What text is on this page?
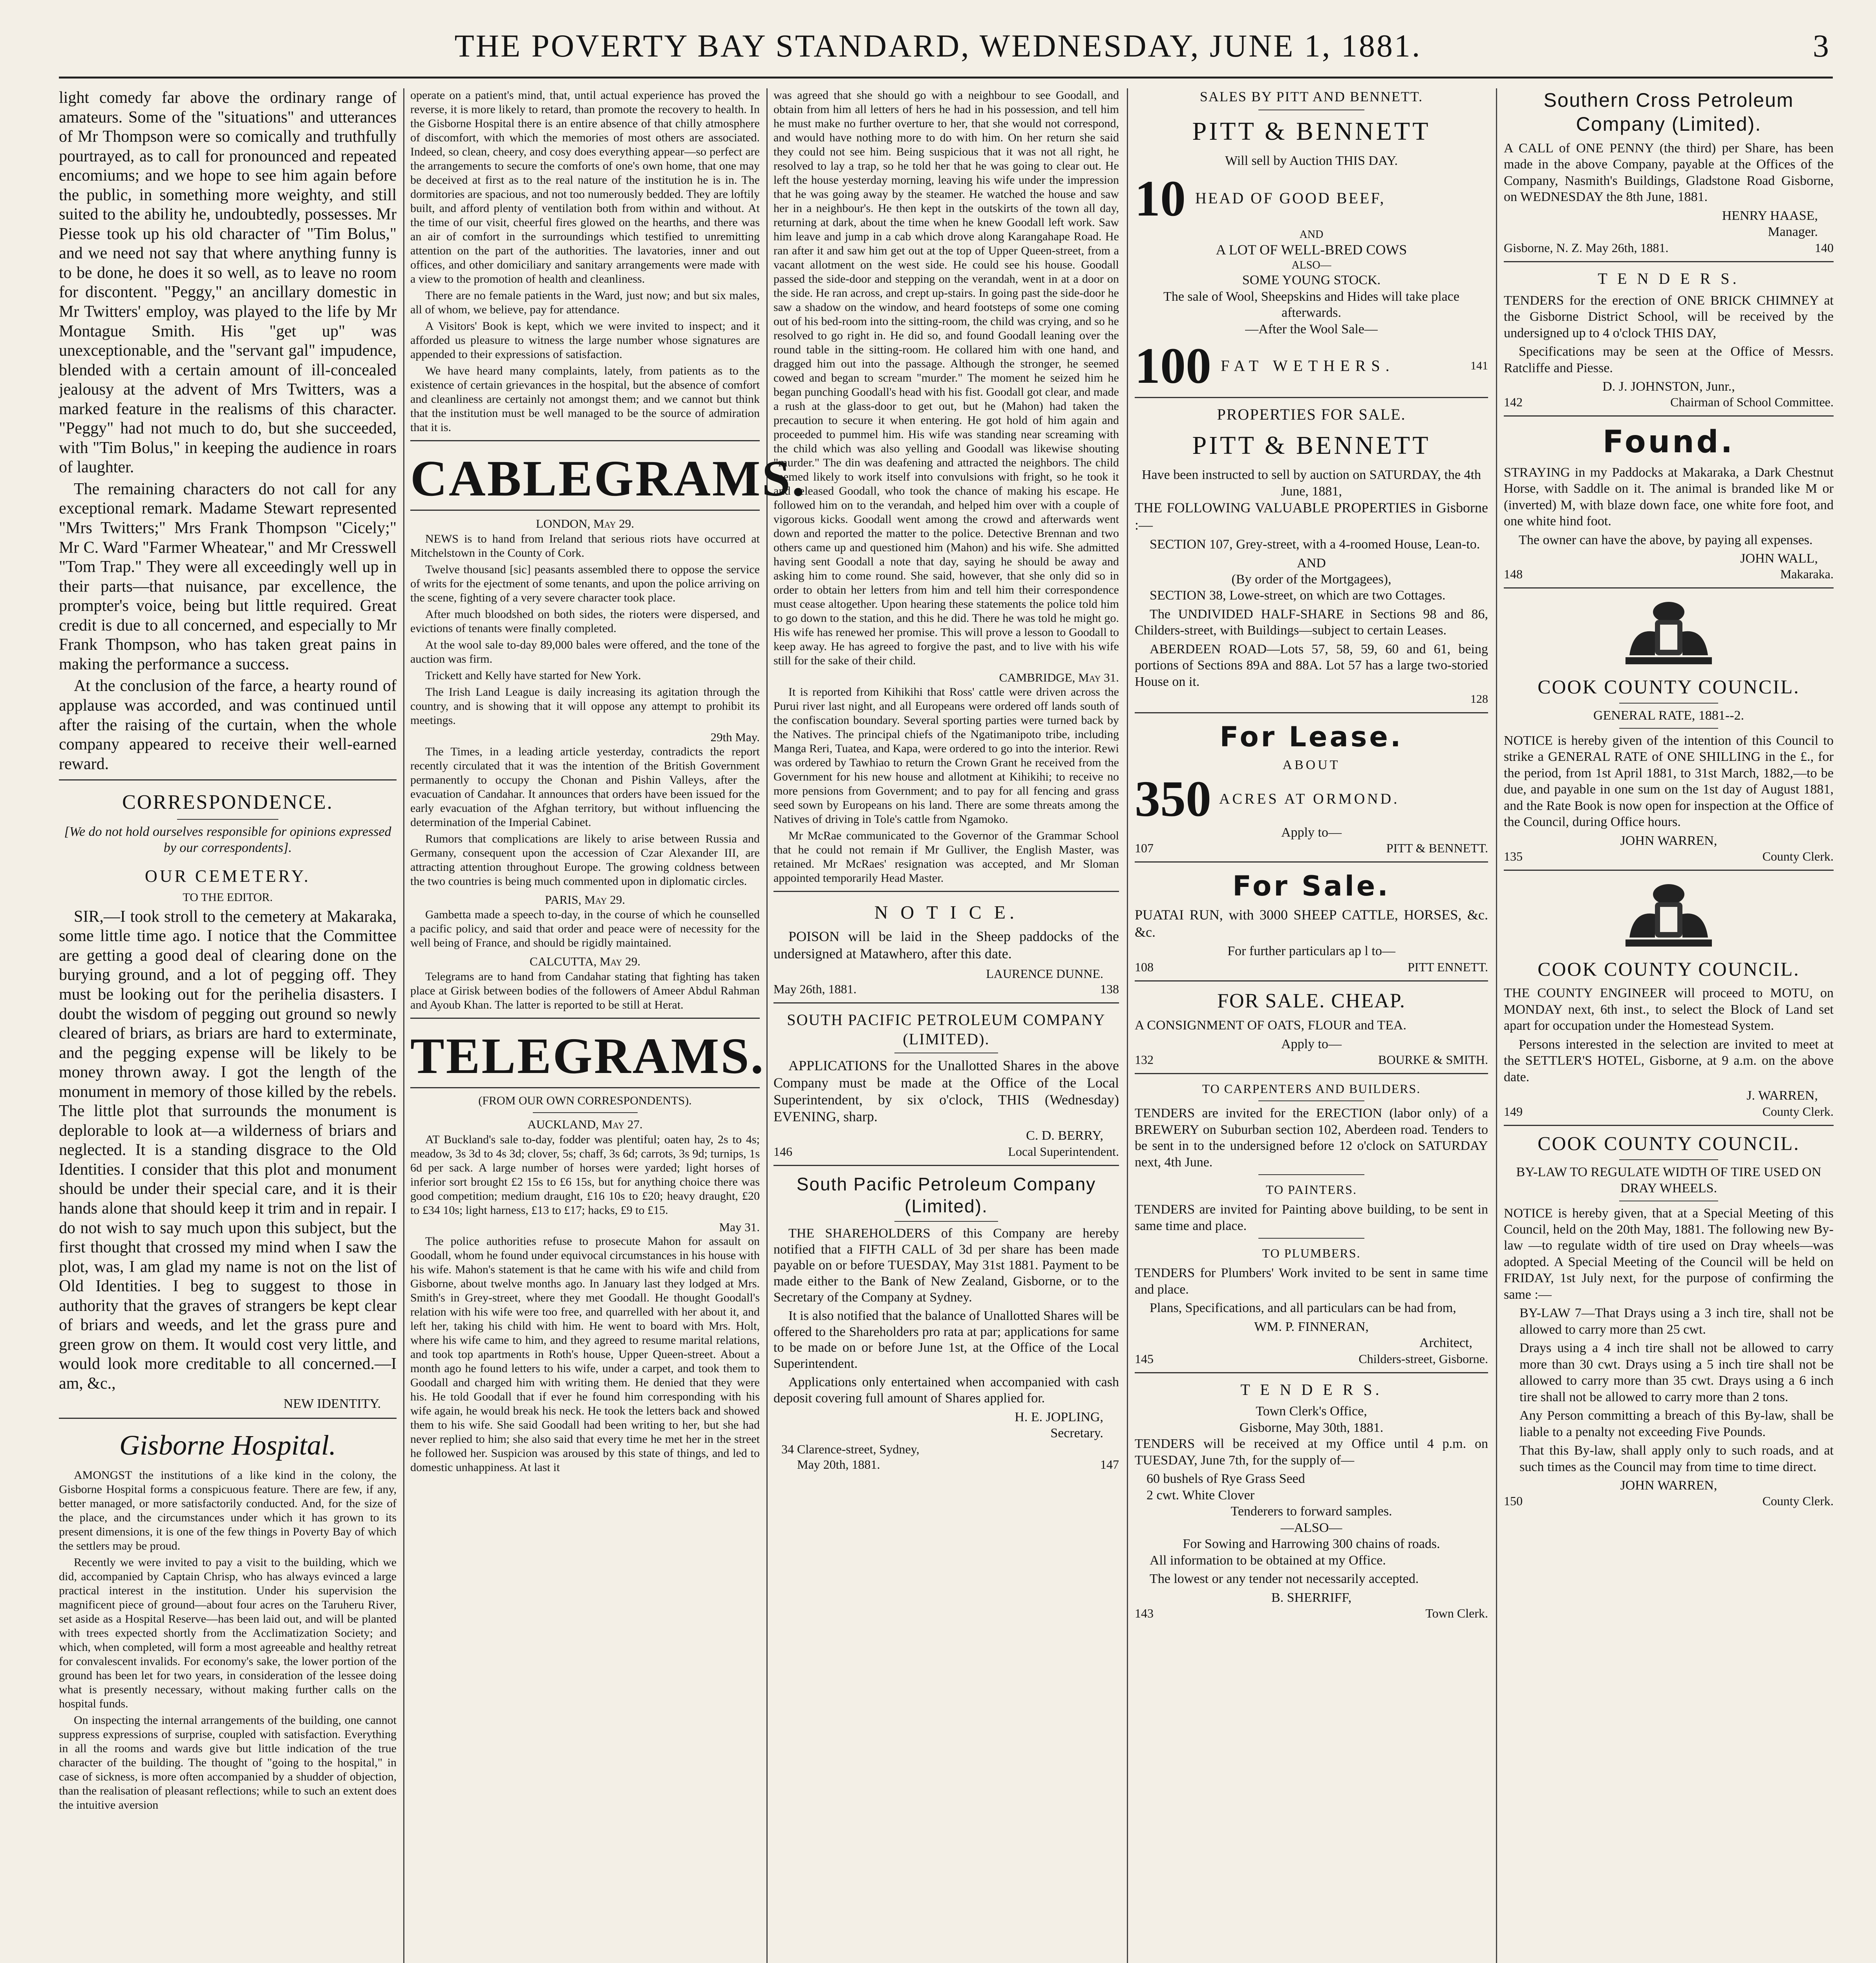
THE POVERTY BAY STANDARD, WEDNESDAY, JUNE 1, 1881.	3

light comedy far above the ordinary range of amateurs. Some of the "situations" and utterances of Mr Thompson were so comically and truthfully pourtrayed, as to call for pronounced and repeated encomiums; and we hope to see him again before the public, in something more weighty, and still suited to the ability he, undoubtedly, possesses. Mr Piesse took up his old character of "Tim Bolus," and we need not say that where anything funny is to be done, he does it so well, as to leave no room for discontent. "Peggy," an ancillary domestic in Mr Twitters' employ, was played to the life by Mr Montague Smith. His "get up" was unexceptionable, and the "servant gal" impudence, blended with a certain amount of ill-concealed jealousy at the advent of Mrs Twitters, was a marked feature in the realisms of this character. "Peggy" had not much to do, but she succeeded, with "Tim Bolus," in keeping the audience in roars of laughter.

The remaining characters do not call for any exceptional remark. Madame Stewart represented "Mrs Twitters;" Mrs Frank Thompson "Cicely;" Mr C. Ward "Farmer Wheatear," and Mr Cresswell "Tom Trap." They were all exceedingly well up in their parts—that nuisance, par excellence, the prompter's voice, being but little required. Great credit is due to all concerned, and especially to Mr Frank Thompson, who has taken great pains in making the performance a success.

At the conclusion of the farce, a hearty round of applause was accorded, and was continued until after the raising of the curtain, when the whole company appeared to receive their well-earned reward.

CORRESPONDENCE.
[We do not hold ourselves responsible for opinions expressed by our correspondents].
OUR CEMETERY.
TO THE EDITOR.

SIR,—I took stroll to the cemetery at Makaraka, some little time ago. I notice that the Committee are getting a good deal of clearing done on the burying ground, and a lot of pegging off. They must be looking out for the perihelia disasters. I doubt the wisdom of pegging out ground so newly cleared of briars, as briars are hard to exterminate, and the pegging expense will be likely to be money thrown away. I got the length of the monument in memory of those killed by the rebels. The little plot that surrounds the monument is deplorable to look at—a wilderness of briars and neglected. It is a standing disgrace to the Old Identities. I consider that this plot and monument should be under their special care, and it is their hands alone that should keep it trim and in repair. I do not wish to say much upon this subject, but the first thought that crossed my mind when I saw the plot, was, I am glad my name is not on the list of Old Identities. I beg to suggest to those in authority that the graves of strangers be kept clear of briars and weeds, and let the grass pure and green grow on them. It would cost very little, and would look more creditable to all concerned.—I am, &c.,

NEW IDENTITY.
Gisborne Hospital.

AMONGST the institutions of a like kind in the colony, the Gisborne Hospital forms a conspicuous feature. There are few, if any, better managed, or more satisfactorily conducted. And, for the size of the place, and the circumstances under which it has grown to its present dimensions, it is one of the few things in Poverty Bay of which the settlers may be proud.

Recently we were invited to pay a visit to the building, which we did, accompanied by Captain Chrisp, who has always evinced a large practical interest in the institution. Under his supervision the magnificent piece of ground—about four acres on the Taruheru River, set aside as a Hospital Reserve—has been laid out, and will be planted with trees expected shortly from the Acclimatization Society; and which, when completed, will form a most agreeable and healthy retreat for convalescent invalids. For economy's sake, the lower portion of the ground has been let for two years, in consideration of the lessee doing what is presently necessary, without making further calls on the hospital funds.

On inspecting the internal arrangements of the building, one cannot suppress expressions of surprise, coupled with satisfaction. Everything in all the rooms and wards give but little indication of the true character of the building. The thought of "going to the hospital," in case of sickness, is more often accompanied by a shudder of objection, than the realisation of pleasant reflections; while to such an extent does the intuitive aversion

operate on a patient's mind, that, until actual experience has proved the reverse, it is more likely to retard, than promote the recovery to health. In the Gisborne Hospital there is an entire absence of that chilly atmosphere of discomfort, with which the memories of most others are associated. Indeed, so clean, cheery, and cosy does everything appear—so perfect are the arrangements to secure the comforts of one's own home, that one may be deceived at first as to the real nature of the institution he is in. The dormitories are spacious, and not too numerously bedded. They are loftily built, and afford plenty of ventilation both from within and without. At the time of our visit, cheerful fires glowed on the hearths, and there was an air of comfort in the surroundings which testified to unremitting attention on the part of the authorities. The lavatories, inner and out offices, and other domiciliary and sanitary arrangements were made with a view to the promotion of health and cleanliness.

There are no female patients in the Ward, just now; and but six males, all of whom, we believe, pay for attendance.

A Visitors' Book is kept, which we were invited to inspect; and it afforded us pleasure to witness the large number whose signatures are appended to their expressions of satisfaction.

We have heard many complaints, lately, from patients as to the existence of certain grievances in the hospital, but the absence of comfort and cleanliness are certainly not amongst them; and we cannot but think that the institution must be well managed to be the source of admiration that it is.

CABLEGRAMS.
LONDON, May 29.

NEWS is to hand from Ireland that serious riots have occurred at Mitchelstown in the County of Cork.

Twelve thousand [sic] peasants assembled there to oppose the service of writs for the ejectment of some tenants, and upon the police arriving on the scene, fighting of a very severe character took place.

After much bloodshed on both sides, the rioters were dispersed, and evictions of tenants were finally completed.

At the wool sale to-day 89,000 bales were offered, and the tone of the auction was firm.

Trickett and Kelly have started for New York.

The Irish Land League is daily increasing its agitation through the country, and is showing that it will oppose any attempt to prohibit its meetings.

29th May.

The Times, in a leading article yesterday, contradicts the report recently circulated that it was the intention of the British Government permanently to occupy the Chonan and Pishin Valleys, after the evacuation of Candahar. It announces that orders have been issued for the early evacuation of the Afghan territory, but without influencing the determination of the Imperial Cabinet.

Rumors that complications are likely to arise between Russia and Germany, consequent upon the accession of Czar Alexander III, are attracting attention throughout Europe. The growing coldness between the two countries is being much commented upon in diplomatic circles.

PARIS, May 29.

Gambetta made a speech to-day, in the course of which he counselled a pacific policy, and said that order and peace were of necessity for the well being of France, and should be rigidly maintained.

CALCUTTA, May 29.

Telegrams are to hand from Candahar stating that fighting has taken place at Girisk between bodies of the followers of Ameer Abdul Rahman and Ayoub Khan. The latter is reported to be still at Herat.

TELEGRAMS.
(FROM OUR OWN CORRESPONDENTS).
AUCKLAND, May 27.

AT Buckland's sale to-day, fodder was plentiful; oaten hay, 2s to 4s; meadow, 3s 3d to 4s 3d; clover, 5s; chaff, 3s 6d; carrots, 3s 9d; turnips, 1s 6d per sack. A large number of horses were yarded; light horses of inferior sort brought £2 15s to £6 15s, but for anything choice there was good competition; medium draught, £16 10s to £20; heavy draught, £20 to £34 10s; light harness, £13 to £17; hacks, £9 to £15.

May 31.

The police authorities refuse to prosecute Mahon for assault on Goodall, whom he found under equivocal circumstances in his house with his wife. Mahon's statement is that he came with his wife and child from Gisborne, about twelve months ago. In January last they lodged at Mrs. Smith's in Grey-street, where they met Goodall. He thought Goodall's relation with his wife were too free, and quarrelled with her about it, and left her, taking his child with him. He went to board with Mrs. Holt, where his wife came to him, and they agreed to resume marital relations, and took top apartments in Roth's house, Upper Queen-street. About a month ago he found letters to his wife, under a carpet, and took them to Goodall and charged him with writing them. He denied that they were his. He told Goodall that if ever he found him corresponding with his wife again, he would break his neck. He took the letters back and showed them to his wife. She said Goodall had been writing to her, but she had never replied to him; she also said that every time he met her in the street he followed her. Suspicion was aroused by this state of things, and led to domestic unhappiness. At last it

was agreed that she should go with a neighbour to see Goodall, and obtain from him all letters of hers he had in his possession, and tell him he must make no further overture to her, that she would not correspond, and would have nothing more to do with him. On her return she said they could not see him. Being suspicious that it was not all right, he resolved to lay a trap, so he told her that he was going to clear out. He left the house yesterday morning, leaving his wife under the impression that he was going away by the steamer. He watched the house and saw her in a neighbour's. He then kept in the outskirts of the town all day, returning at dark, about the time when he knew Goodall left work. Saw him leave and jump in a cab which drove along Karangahape Road. He ran after it and saw him get out at the top of Upper Queen-street, from a vacant allotment on the west side. He could see his house. Goodall passed the side-door and stepping on the verandah, went in at a door on the side. He ran across, and crept up-stairs. In going past the side-door he saw a shadow on the window, and heard footsteps of some one coming out of his bed-room into the sitting-room, the child was crying, and so he resolved to go right in. He did so, and found Goodall leaning over the round table in the sitting-room. He collared him with one hand, and dragged him out into the passage. Although the stronger, he seemed cowed and began to scream "murder." The moment he seized him he began punching Goodall's head with his fist. Goodall got clear, and made a rush at the glass-door to get out, but he (Mahon) had taken the precaution to secure it when entering. He got hold of him again and proceeded to pummel him. His wife was standing near screaming with the child which was also yelling and Goodall was likewise shouting "murder." The din was deafening and attracted the neighbors. The child seemed likely to work itself into convulsions with fright, so he took it and released Goodall, who took the chance of making his escape. He followed him on to the verandah, and helped him over with a couple of vigorous kicks. Goodall went among the crowd and afterwards went down and reported the matter to the police. Detective Brennan and two others came up and questioned him (Mahon) and his wife. She admitted having sent Goodall a note that day, saying he should be away and asking him to come round. She said, however, that she only did so in order to obtain her letters from him and tell him their correspondence must cease altogether. Upon hearing these statements the police told him to go down to the station, and this he did. There he was told he might go. His wife has renewed her promise. This will prove a lesson to Goodall to keep away. He has agreed to forgive the past, and to live with his wife still for the sake of their child.

CAMBRIDGE, May 31.

It is reported from Kihikihi that Ross' cattle were driven across the Purui river last night, and all Europeans were ordered off lands south of the confiscation boundary. Several sporting parties were turned back by the Natives. The principal chiefs of the Ngatimanipoto tribe, including Manga Reri, Tuatea, and Kapa, were ordered to go into the interior. Rewi was ordered by Tawhiao to return the Crown Grant he received from the Government for his new house and allotment at Kihikihi; to receive no more pensions from Government; and to pay for all fencing and grass seed sown by Europeans on his land. There are some threats among the Natives of driving in Tole's cattle from Ngamoko.

Mr McRae communicated to the Governor of the Grammar School that he could not remain if Mr Gulliver, the English Master, was retained. Mr McRaes' resignation was accepted, and Mr Sloman appointed temporarily Head Master.

N O T I C E.

POISON will be laid in the Sheep paddocks of the undersigned at Matawhero, after this date.

LAURENCE DUNNE.
May 26th, 1881.	138
SOUTH PACIFIC PETROLEUM COMPANY (LIMITED).

APPLICATIONS for the Unallotted Shares in the above Company must be made at the Office of the Local Superintendent, by six o'clock, THIS (Wednesday) EVENING, sharp.

C. D. BERRY,
146	Local Superintendent.
South Pacific Petroleum Company (Limited).

THE SHAREHOLDERS of this Company are hereby notified that a FIFTH CALL of 3d per share has been made payable on or before TUESDAY, May 31st 1881. Payment to be made either to the Bank of New Zealand, Gisborne, or to the Secretary of the Company at Sydney.

It is also notified that the balance of Unallotted Shares will be offered to the Shareholders pro rata at par; applications for same to be made on or before June 1st, at the Office of the Local Superintendent.

Applications only entertained when accompanied with cash deposit covering full amount of Shares applied for.

H. E. JOPLING,
Secretary.
34 Clarence-street, Sydney,
May 20th, 1881.	147
SALES BY PITT AND BENNETT.
PITT & BENNETT
Will sell by Auction THIS DAY.
10 HEAD OF GOOD BEEF,
AND
A LOT OF WELL-BRED COWS
ALSO—
SOME YOUNG STOCK.
The sale of Wool, Sheepskins and Hides will take place afterwards.
—After the Wool Sale—
100 FAT WETHERS.	141
PROPERTIES FOR SALE.
PITT & BENNETT
Have been instructed to sell by auction on SATURDAY, the 4th June, 1881,

THE FOLLOWING VALUABLE PROPERTIES in Gisborne :—

SECTION 107, Grey-street, with a 4-roomed House, Lean-to.

AND
(By order of the Mortgagees),

SECTION 38, Lowe-street, on which are two Cottages.

The UNDIVIDED HALF-SHARE in Sections 98 and 86, Childers-street, with Buildings—subject to certain Leases.

ABERDEEN ROAD—Lots 57, 58, 59, 60 and 61, being portions of Sections 89A and 88A. Lot 57 has a large two-storied House on it.

128
For Lease.
ABOUT
350 ACRES AT ORMOND.
Apply to—
107	PITT & BENNETT.
For Sale.

PUATAI RUN, with 3000 SHEEP CATTLE, HORSES, &c. &c.

For further particulars ap l to—
108	PITT ENNETT.
FOR SALE. CHEAP.

A CONSIGNMENT OF OATS, FLOUR and TEA.

Apply to—
132	BOURKE & SMITH.
TO CARPENTERS AND BUILDERS.

TENDERS are invited for the ERECTION (labor only) of a BREWERY on Suburban section 102, Aberdeen road. Tenders to be sent in to the undersigned before 12 o'clock on SATURDAY next, 4th June.

TO PAINTERS.

TENDERS are invited for Painting above building, to be sent in same time and place.

TO PLUMBERS.

TENDERS for Plumbers' Work invited to be sent in same time and place.

Plans, Specifications, and all particulars can be had from,

WM. P. FINNERAN,
Architect,
145	Childers-street, Gisborne.
T E N D E R S.
Town Clerk's Office,
Gisborne, May 30th, 1881.

TENDERS will be received at my Office until 4 p.m. on TUESDAY, June 7th, for the supply of—

60 bushels of Rye Grass Seed
2 cwt. White Clover
Tenderers to forward samples.
—ALSO—
For Sowing and Harrowing 300 chains of roads.

All information to be obtained at my Office.

The lowest or any tender not necessarily accepted.

B. SHERRIFF,
143	Town Clerk.
Southern Cross Petroleum Company (Limited).

A CALL of ONE PENNY (the third) per Share, has been made in the above Company, payable at the Offices of the Company, Nasmith's Buildings, Gladstone Road Gisborne, on WEDNESDAY the 8th June, 1881.

HENRY HAASE,
Manager.
Gisborne, N. Z. May 26th, 1881.	140
T E N D E R S.

TENDERS for the erection of ONE BRICK CHIMNEY at the Gisborne District School, will be received by the undersigned up to 4 o'clock THIS DAY,

Specifications may be seen at the Office of Messrs. Ratcliffe and Piesse.

D. J. JOHNSTON, Junr.,
142	Chairman of School Committee.
Found.

STRAYING in my Paddocks at Makaraka, a Dark Chestnut Horse, with Saddle on it. The animal is branded like M or (inverted) M, with blaze down face, one white fore foot, and one white hind foot.

The owner can have the above, by paying all expenses.

JOHN WALL,
148	Makaraka.
COOK COUNTY COUNCIL.
GENERAL RATE, 1881--2.

NOTICE is hereby given of the intention of this Council to strike a GENERAL RATE of ONE SHILLING in the £., for the period, from 1st April 1881, to 31st March, 1882,—to be due, and payable in one sum on the 1st day of August 1881, and the Rate Book is now open for inspection at the Office of the Council, during Office hours.

JOHN WARREN,
135	County Clerk.
COOK COUNTY COUNCIL.

THE COUNTY ENGINEER will proceed to MOTU, on MONDAY next, 6th inst., to select the Block of Land set apart for occupation under the Homestead System.

Persons interested in the selection are invited to meet at the SETTLER'S HOTEL, Gisborne, at 9 a.m. on the above date.

J. WARREN,
149	County Clerk.
COOK COUNTY COUNCIL.
BY-LAW TO REGULATE WIDTH OF TIRE USED ON DRAY WHEELS.

NOTICE is hereby given, that at a Special Meeting of this Council, held on the 20th May, 1881. The following new By-law —to regulate width of tire used on Dray wheels—was adopted. A Special Meeting of the Council will be held on FRIDAY, 1st July next, for the purpose of confirming the same :—

BY-LAW 7—That Drays using a 3 inch tire, shall not be allowed to carry more than 25 cwt.

Drays using a 4 inch tire shall not be allowed to carry more than 30 cwt. Drays using a 5 inch tire shall not be allowed to carry more than 35 cwt. Drays using a 6 inch tire shall not be allowed to carry more than 2 tons.

Any Person committing a breach of this By-law, shall be liable to a penalty not exceeding Five Pounds.

That this By-law, shall apply only to such roads, and at such times as the Council may from time to time direct.

JOHN WARREN,
150	County Clerk.
